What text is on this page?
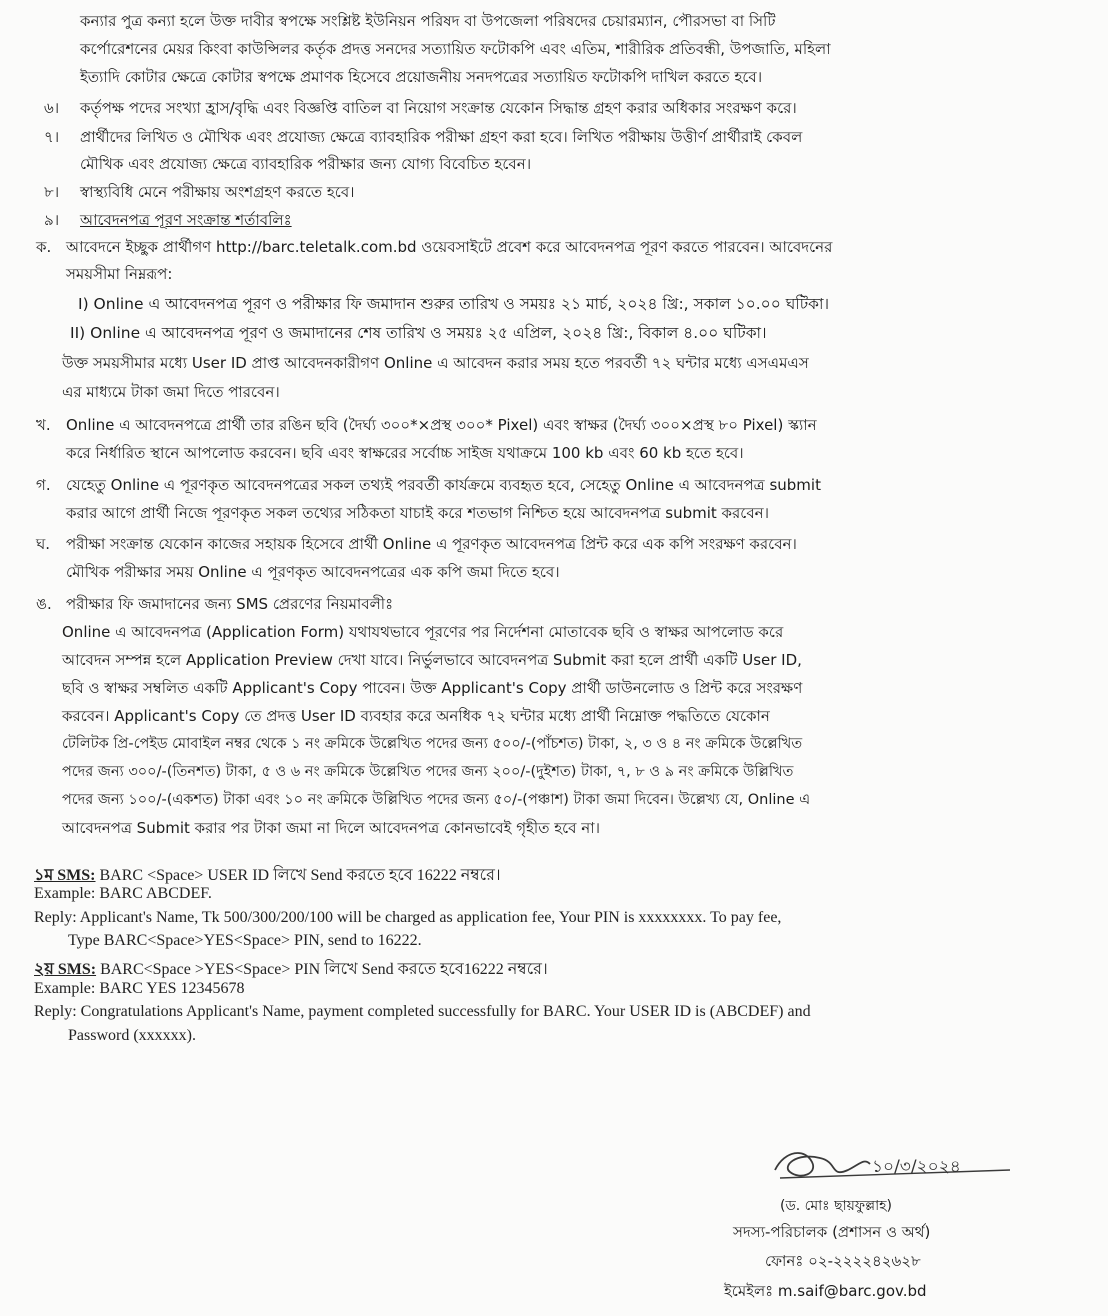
কন্যার পুত্র কন্যা হলে উক্ত দাবীর স্বপক্ষে সংশ্লিষ্ট ইউনিয়ন পরিষদ বা উপজেলা পরিষদের চেয়ারম্যান, পৌরসভা বা সিটি
কর্পোরেশনের মেয়র কিংবা কাউন্সিলর কর্তৃক প্রদত্ত সনদের সত্যায়িত ফটোকপি এবং এতিম, শারীরিক প্রতিবন্ধী, উপজাতি, মহিলা
ইত্যাদি কোটার ক্ষেত্রে কোটার স্বপক্ষে প্রমাণক হিসেবে প্রয়োজনীয় সনদপত্রের সত্যায়িত ফটোকপি দাখিল করতে হবে।
৬। কর্তৃপক্ষ পদের সংখ্যা হ্রাস/বৃদ্ধি এবং বিজ্ঞপ্তি বাতিল বা নিয়োগ সংক্রান্ত যেকোন সিদ্ধান্ত গ্রহণ করার অধিকার সংরক্ষণ করে।
৭। প্রার্থীদের লিখিত ও মৌখিক এবং প্রযোজ্য ক্ষেত্রে ব্যাবহারিক পরীক্ষা গ্রহণ করা হবে। লিখিত পরীক্ষায় উত্তীর্ণ প্রার্থীরাই কেবল
মৌখিক এবং প্রযোজ্য ক্ষেত্রে ব্যাবহারিক পরীক্ষার জন্য যোগ্য বিবেচিত হবেন।
৮। স্বাস্থ্যবিধি মেনে পরীক্ষায় অংশগ্রহণ করতে হবে।
৯। আবেদনপত্র পূরণ সংক্রান্ত শর্তাবলিঃ
ক. আবেদনে ইচ্ছুক প্রার্থীগণ http://barc.teletalk.com.bd ওয়েবসাইটে প্রবেশ করে আবেদনপত্র পূরণ করতে পারবেন। আবেদনের
সময়সীমা নিম্নরূপ:
I) Online এ আবেদনপত্র পূরণ ও পরীক্ষার ফি জমাদান শুরুর তারিখ ও সময়ঃ ২১ মার্চ, ২০২৪ খ্রি:, সকাল ১০.০০ ঘটিকা।
II) Online এ আবেদনপত্র পূরণ ও জমাদানের শেষ তারিখ ও সময়ঃ ২৫ এপ্রিল, ২০২৪ খ্রি:, বিকাল ৪.০০ ঘটিকা।
উক্ত সময়সীমার মধ্যে User ID প্রাপ্ত আবেদনকারীগণ Online এ আবেদন করার সময় হতে পরবর্তী ৭২ ঘন্টার মধ্যে এসএমএস
এর মাধ্যমে টাকা জমা দিতে পারবেন।
খ. Online এ আবেদনপত্রে প্রার্থী তার রঙিন ছবি (দৈর্ঘ্য ৩০০*×প্রস্থ ৩০০* Pixel) এবং স্বাক্ষর (দৈর্ঘ্য ৩০০×প্রস্থ ৮০ Pixel) স্ক্যান
করে নির্ধারিত স্থানে আপলোড করবেন। ছবি এবং স্বাক্ষরের সর্বোচ্চ সাইজ যথাক্রমে 100 kb এবং 60 kb হতে হবে।
গ. যেহেতু Online এ পূরণকৃত আবেদনপত্রের সকল তথ্যই পরবর্তী কার্যক্রমে ব্যবহৃত হবে, সেহেতু Online এ আবেদনপত্র submit
করার আগে প্রার্থী নিজে পূরণকৃত সকল তথ্যের সঠিকতা যাচাই করে শতভাগ নিশ্চিত হয়ে আবেদনপত্র submit করবেন।
ঘ. পরীক্ষা সংক্রান্ত যেকোন কাজের সহায়ক হিসেবে প্রার্থী Online এ পূরণকৃত আবেদনপত্র প্রিন্ট করে এক কপি সংরক্ষণ করবেন।
মৌখিক পরীক্ষার সময় Online এ পূরণকৃত আবেদনপত্রের এক কপি জমা দিতে হবে।
ঙ. পরীক্ষার ফি জমাদানের জন্য SMS প্রেরণের নিয়মাবলীঃ
Online এ আবেদনপত্র (Application Form) যথাযথভাবে পূরণের পর নির্দেশনা মোতাবেক ছবি ও স্বাক্ষর আপলোড করে
আবেদন সম্পন্ন হলে Application Preview দেখা যাবে। নির্ভুলভাবে আবেদনপত্র Submit করা হলে প্রার্থী একটি User ID,
ছবি ও স্বাক্ষর সম্বলিত একটি Applicant's Copy পাবেন। উক্ত Applicant's Copy প্রার্থী ডাউনলোড ও প্রিন্ট করে সংরক্ষণ
করবেন। Applicant's Copy তে প্রদত্ত User ID ব্যবহার করে অনধিক ৭২ ঘন্টার মধ্যে প্রার্থী নিম্নোক্ত পদ্ধতিতে যেকোন
টেলিটক প্রি-পেইড মোবাইল নম্বর থেকে ১ নং ক্রমিকে উল্লেখিত পদের জন্য ৫০০/-(পাঁচশত) টাকা, ২, ৩ ও ৪ নং ক্রমিকে উল্লেখিত
পদের জন্য ৩০০/-(তিনশত) টাকা, ৫ ও ৬ নং ক্রমিকে উল্লেখিত পদের জন্য ২০০/-(দুইশত) টাকা, ৭, ৮ ও ৯ নং ক্রমিকে উল্লিখিত
পদের জন্য ১০০/-(একশত) টাকা এবং ১০ নং ক্রমিকে উল্লিখিত পদের জন্য ৫০/-(পঞ্চাশ) টাকা জমা দিবেন। উল্লেখ্য যে, Online এ
আবেদনপত্র Submit করার পর টাকা জমা না দিলে আবেদনপত্র কোনভাবেই গৃহীত হবে না।
১ম SMS: BARC <Space> USER ID লিখে Send করতে হবে 16222 নম্বরে।
Example: BARC ABCDEF.
Reply: Applicant's Name, Tk 500/300/200/100 will be charged as application fee, Your PIN is xxxxxxxx. To pay fee,
Type BARC<Space>YES<Space> PIN, send to 16222.
২য় SMS: BARC<Space >YES<Space> PIN লিখে Send করতে হবে16222 নম্বরে।
Example: BARC YES 12345678
Reply: Congratulations Applicant's Name, payment completed successfully for BARC. Your USER ID is (ABCDEF) and
Password (xxxxxx).
১০/৩/২০২৪
(ড. মোঃ ছায়ফুল্লাহ)
সদস্য-পরিচালক (প্রশাসন ও অর্থ)
ফোনঃ ০২-২২২২৪২৬২৮
ইমেইলঃ m.saif@barc.gov.bd
